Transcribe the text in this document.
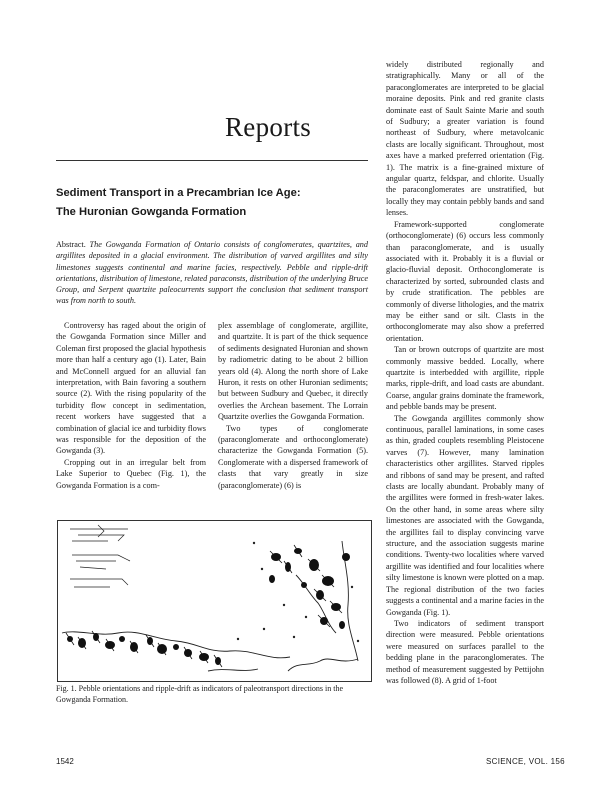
Reports
Sediment Transport in a Precambrian Ice Age:
The Huronian Gowganda Formation
Abstract. The Gowganda Formation of Ontario consists of conglomerates, quartzites, and argillites deposited in a glacial environment. The distribution of varved argillites and silty limestones suggests continental and marine facies, respectively. Pebble and ripple-drift orientations, distribution of limestone, related paraconsts, distribution of the underlying Bruce Group, and Serpent quartzite paleocurrents support the conclusion that sediment transport was from north to south.

Controversy has raged about the origin of the Gowganda Formation since Miller and Coleman first proposed the glacial hypothesis more than half a century ago (1). Later, Bain and McConnell argued for an alluvial fan interpretation, with Bain favoring a southern source (2). With the rising popularity of the turbidity flow concept in sedimentation, recent workers have suggested that a combination of glacial ice and turbidity flows was responsible for the deposition of the Gowganda (3).

Cropping out in an irregular belt from Lake Superior to Quebec (Fig. 1), the Gowganda Formation is a com-

plex assemblage of conglomerate, argillite, and quartzite. It is part of the thick sequence of sediments designated Huronian and shown by radiometric dating to be about 2 billion years old (4). Along the north shore of Lake Huron, it rests on other Huronian sediments; but between Sudbury and Quebec, it directly overlies the Archean basement. The Lorrain Quartzite overlies the Gowganda Formation.

Two types of conglomerate (paraconglomerate and orthoconglomerate) characterize the Gowganda Formation (5). Conglomerate with a dispersed framework of clasts that vary greatly in size (paraconglomerate) (6) is

widely distributed regionally and stratigraphically. Many or all of the paraconglomerates are interpreted to be glacial moraine deposits. Pink and red granite clasts dominate east of Sault Sainte Marie and south of Sudbury; a greater variation is found northeast of Sudbury, where metavolcanic clasts are locally significant. Throughout, most axes have a marked preferred orientation (Fig. 1). The matrix is a fine-grained mixture of angular quartz, feldspar, and chlorite. Usually the paraconglomerates are unstratified, but locally they may contain pebbly bands and sand lenses.

Framework-supported conglomerate (orthoconglomerate) (6) occurs less commonly than paraconglomerate, and is usually associated with it. Probably it is a fluvial or glacio-fluvial deposit. Orthoconglomerate is characterized by sorted, subrounded clasts and by crude stratification. The pebbles are commonly of diverse lithologies, and the matrix may be either sand or silt. Clasts in the orthoconglomerate may also show a preferred orientation.

Tan or brown outcrops of quartzite are most commonly massive bedded. Locally, where quartzite is interbedded with argillite, ripple marks, ripple-drift, and load casts are abundant. Coarse, angular grains dominate the framework, and pebble bands may be present.

The Gowganda argillites commonly show continuous, parallel laminations, in some cases as thin, graded couplets resembling Pleistocene varves (7). However, many lamination characteristics other argillites. Starved ripples and ribbons of sand may be present, and rafted clasts are locally abundant. Probably many of the argillites were formed in fresh-water lakes. On the other hand, in some areas where silty limestones are associated with the Gowganda, the argillites fail to display convincing varve structure, and the association suggests marine conditions. Twenty-two localities where varved argillite was identified and four localities where silty limestone is known were plotted on a map. The regional distribution of the two facies suggests a continental and a marine facies in the Gowganda (Fig. 1).

Two indicators of sediment transport direction were measured. Pebble orientations were measured on surfaces parallel to the bedding plane in the paraconglomerates. The method of measurement suggested by Pettijohn was followed (8). A grid of 1-foot

Fig. 1. Pebble orientations and ripple-drift as indicators of paleotransport directions in the Gowganda Formation.
1542	SCIENCE, VOL. 156
